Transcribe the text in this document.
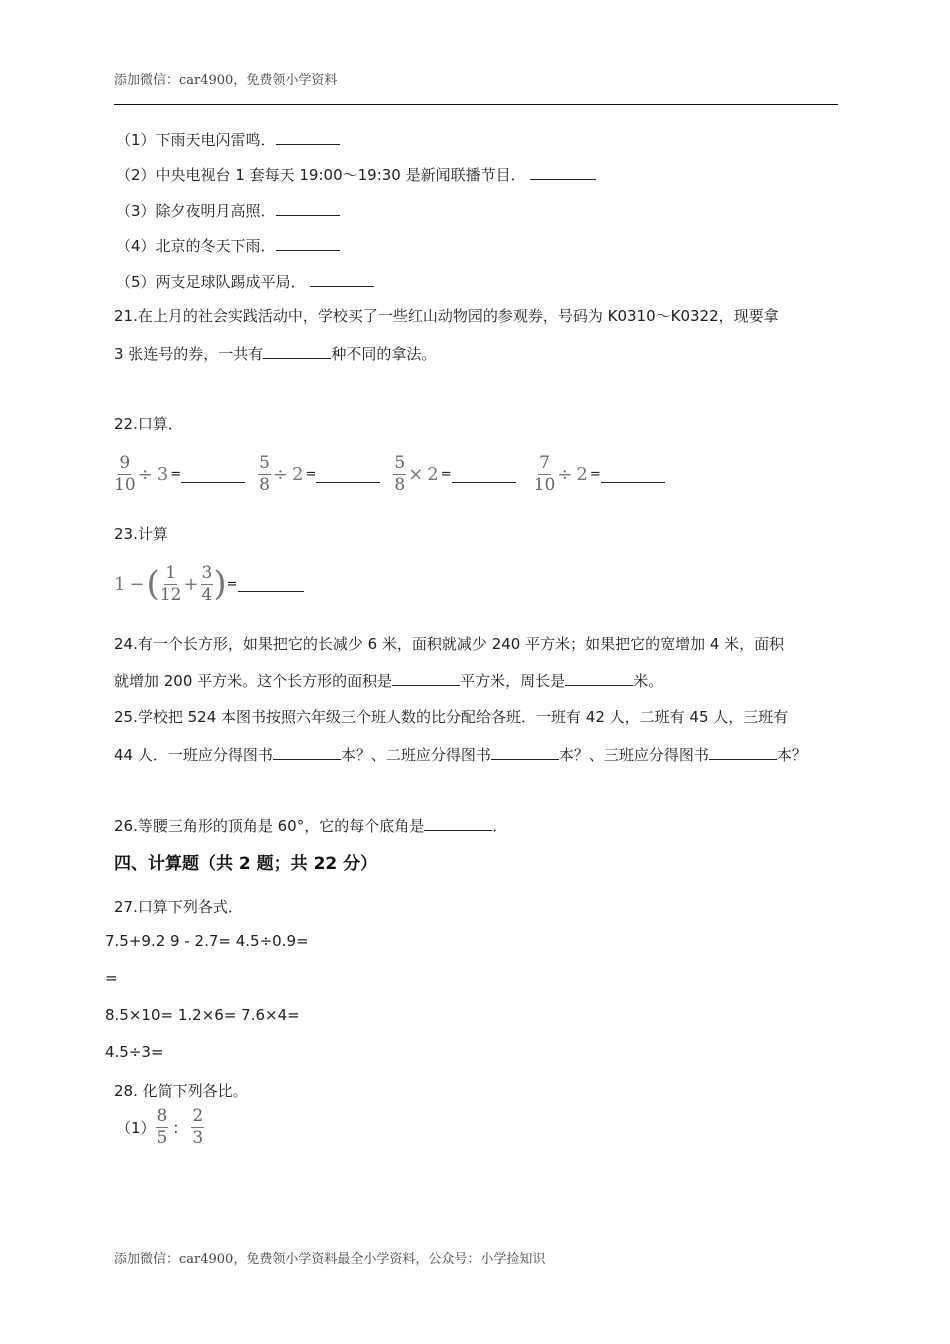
添加微信：car4900，免费领小学资料
（1）下雨天电闪雷鸣．
（2）中央电视台 1 套每天 19:00～19:30 是新闻联播节目．
（3）除夕夜明月高照．
（4）北京的冬天下雨．
（5）两支足球队踢成平局．
21.在上月的社会实践活动中，学校买了一些红山动物园的参观券，号码为 K0310～K0322，现要拿
3 张连号的券，一共有	种不同的拿法。
22.口算．
$\frac{9}{10} \div 3$ =	$\frac{5}{8} \div 2$ =	$\frac{5}{8} \times 2$ =	$\frac{7}{10} \div 2$ =
23.计算
1 − ( $\frac{1}{12} + \frac{3}{4}$ ) =
24.有一个长方形，如果把它的长减少 6 米，面积就减少 240 平方米；如果把它的宽增加 4 米，面积
就增加 200 平方米。这个长方形的面积是	平方米，周长是	米。
25.学校把 524 本图书按照六年级三个班人数的比分配给各班．一班有 42 人，二班有 45 人，三班有
44 人．一班应分得图书	本？、二班应分得图书	本？、三班应分得图书	本？
26.等腰三角形的顶角是 60°，它的每个底角是	．
四、计算题（共 2 题；共 22 分）
27.口算下列各式．
7.5+9.2 9 - 2.7= 4.5÷0.9=
=
8.5×10= 1.2×6= 7.6×4=
4.5÷3=
28. 化简下列各比。
$(1) \frac{8}{5}$ ： $\frac{2}{3}$
添加微信：car4900，免费领小学资料最全小学资料，公众号：小学捡知识
